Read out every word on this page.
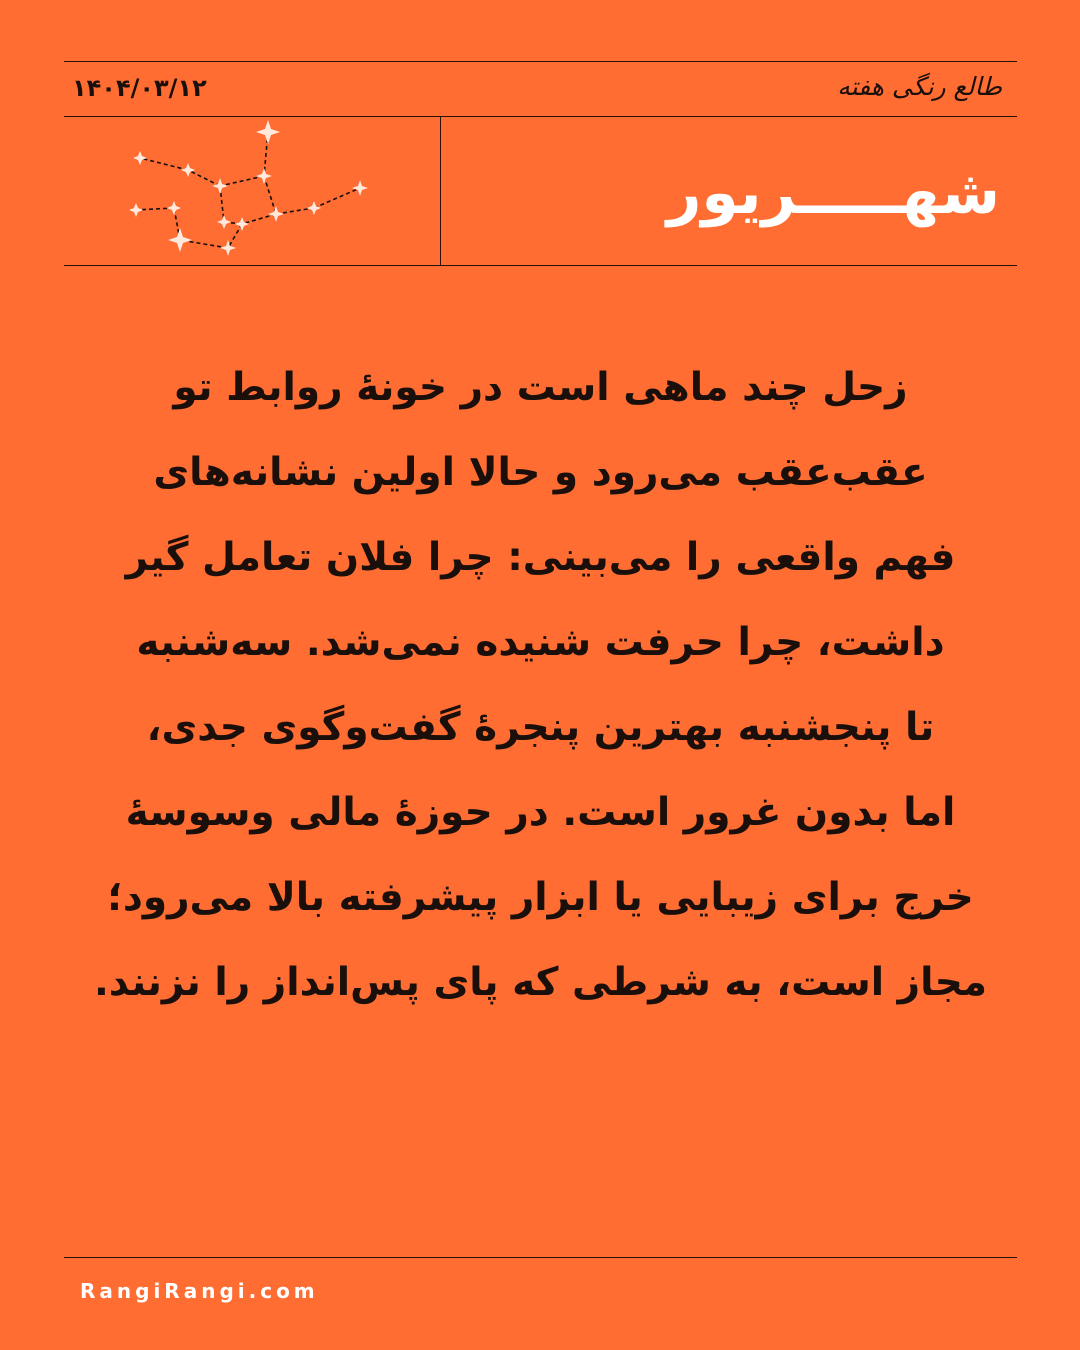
۱۴۰۴/۰۳/۱۲	طالع رنگی هفته
شهـــــریور
زحل چند ماهی است در خونهٔ روابط تو
عقب‌عقب می‌رود و حالا اولین نشانه‌های
فهم واقعی را می‌بینی: چرا فلان تعامل گیر
داشت، چرا حرفت شنیده نمی‌شد. سه‌شنبه
تا پنجشنبه بهترین پنجرهٔ گفت‌وگوی جدی،
اما بدون غرور است. در حوزهٔ مالی وسوسهٔ
خرج برای زیبایی یا ابزار پیشرفته بالا می‌رود؛
مجاز است، به شرطی که پای پس‌انداز را نزنند.
RangiRangi.com
